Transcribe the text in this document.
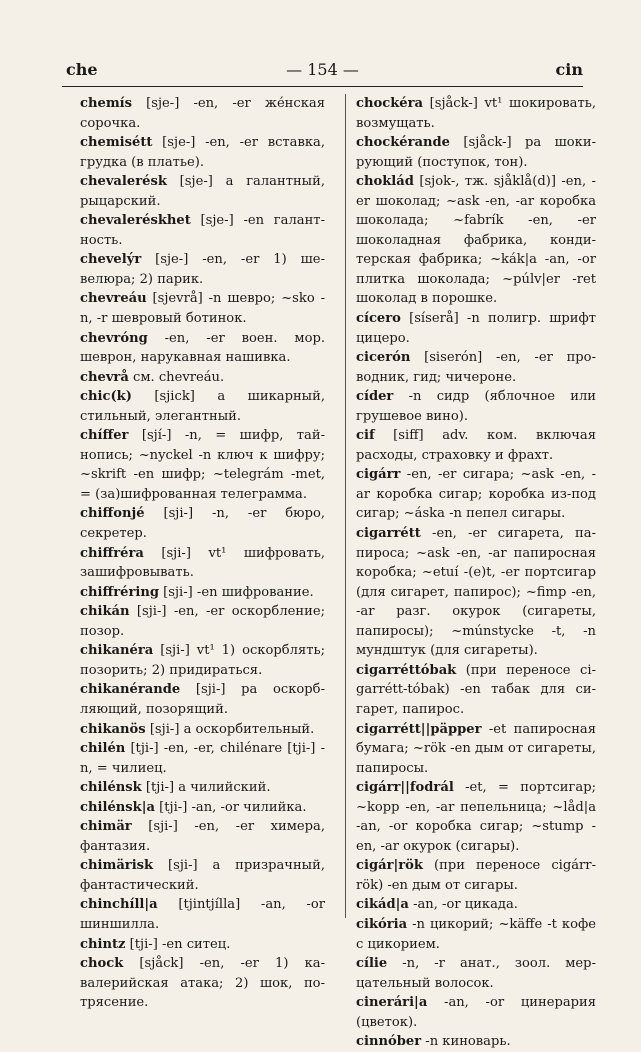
che	— 154 —	cin

chemís [sje-] -en, -er же́нская сорочка.

chemisétt [sje-] -en, -er вставка, грудка (в платье).

chevalerésk [sje-] a галантный, рыцарский.

chevaleréskhet [sje-] -en галантность.

chevelýr [sje-] -en, -er 1) шевелюра; 2) парик.

chevreáu [sjevrå] -n шевро; ~sko -n, -r шевровый ботинок.

chevróng -en, -er воен. мор. шеврон, нарукавная нашивка.

chevrå см. chevreáu.

chic(k) [sjick] a шикарный, стильный, элегантный.

chíffer [sjí-] -n, = шифр, тайнопись; ~nyckel -n ключ к шифру; ~skrift -en шифр; ~telegrám -met, = (за)шифрованная телеграмма.

chiffonjé [sji-] -n, -er бюро, секретер.

chiffréra [sji-] vt¹ шифровать, зашифровывать.

chiffréring [sji-] -en шифрование.

chikán [sji-] -en, -er оскорбление; позор.

chikanéra [sji-] vt¹ 1) оскорблять; позорить; 2) придираться.

chikanérande [sji-] pa оскорбляющий, позорящий.

chikanös [sji-] a оскорбительный.

chilén [tji-] -en, -er, chilénare [tji-] -n, = чилиец.

chilénsk [tji-] a чилийский.

chilénsk|a [tji-] -an, -or чилийка.

chimär [sji-] -en, -er химера, фантазия.

chimärisk [sji-] a призрачный, фантастический.

chinchíll|a [tjintjílla] -an, -or шиншилла.

chintz [tji-] -en ситец.

chock [sjåck] -en, -er 1) кавалерийская атака; 2) шок, потрясение.

chockéra [sjåck-] vt¹ шокировать, возмущать.

chockérande [sjåck-] pa шокирующий (поступок, тон).

choklád [sjok-, тж. sjåklå(d)] -en, -er шоколад; ~ask -en, -ar коробка шоколада; ~fabrík -en, -er шоколадная фабрика, кондитерская фабрика; ~kák|a -an, -or плитка шоколада; ~púlv|er -ret шоколад в порошке.

cícero [síserå] -n полигр. шрифт цицеро.

cicerón [siserón] -en, -er проводник, гид; чичероне.

cíder -n сидр (яблочное или грушевое вино).

cif [siff] adv. ком. включая расходы, страховку и фрахт.

cigárr -en, -er сигара; ~ask -en, -ar коробка сигар; коробка из-под сигар; ~áska -n пепел сигары.

cigarrétt -en, -er сигарета, папироса; ~ask -en, -ar папиросная коробка; ~etuí -(e)t, -er портсигар (для сигарет, папирос); ~fimp -en, -ar разг. окурок (сигареты, папиросы); ~múnstycke -t, -n мундштук (для сигареты).

cigarréttóbak (при переносе cigarrétt-tóbak) -en табак для сигарет, папирос.

cigarrétt||päpper -et папиросная бумага; ~rök -en дым от сигареты, папиросы.

cigárr||fodrál -et, = портсигар; ~kopp -en, -ar пепельница; ~låd|a -an, -or коробка сигар; ~stump -en, -ar окурок (сигары).

cigár|rök (при переносе cigárrrök) -en дым от сигары.

cikád|a -an, -or цикада.

cikória -n цикорий; ~käffe -t кофе с цикорием.

cílie -n, -r анат., зоол. мерцательный волосок.

cinerári|a -an, -or цинерария (цветок).

cinnóber -n киноварь.
